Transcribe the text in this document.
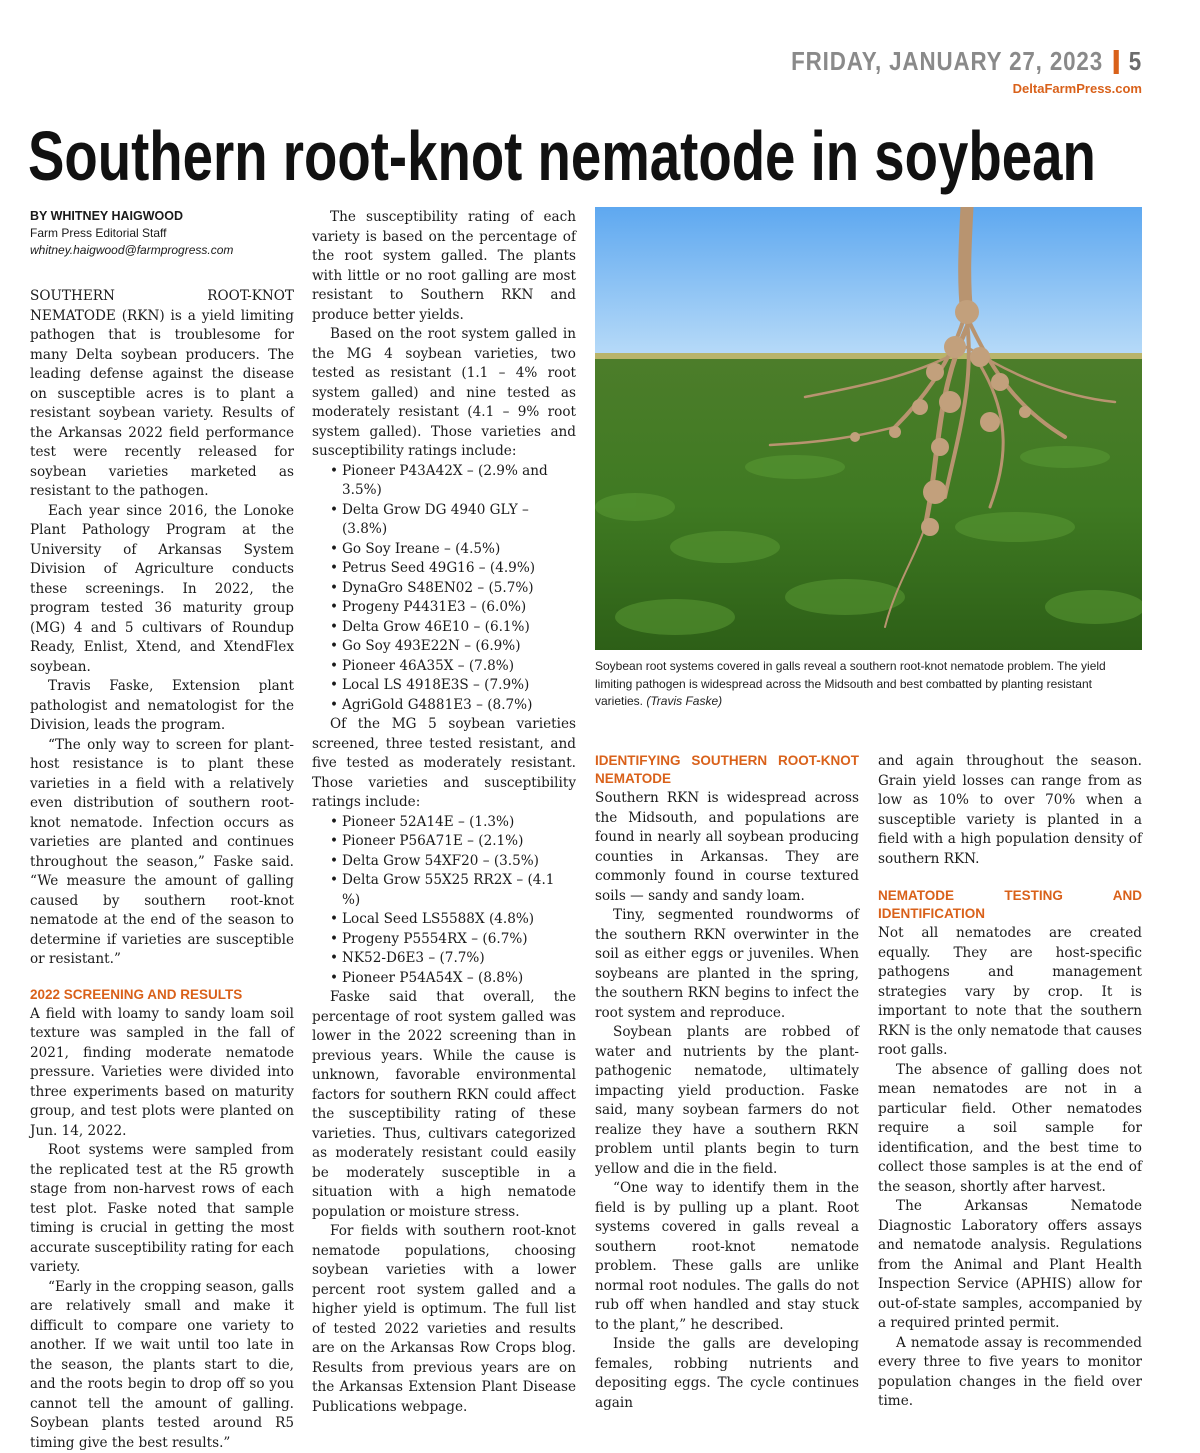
FRIDAY, JANUARY 27, 2023 5
DeltaFarmPress.com
Southern root-knot nematode in soybean
BY WHITNEY HAIGWOOD
Farm Press Editorial Staff
whitney.haigwood@farmprogress.com

SOUTHERN ROOT-KNOT NEMATODE (RKN) is a yield limiting pathogen that is troublesome for many Delta soybean producers. The leading defense against the disease on susceptible acres is to plant a resistant soybean variety. Results of the Arkansas 2022 field performance test were recently released for soybean varieties marketed as resistant to the pathogen.

Each year since 2016, the Lonoke Plant Pathology Program at the University of Arkansas System Division of Agriculture conducts these screenings. In 2022, the program tested 36 maturity group (MG) 4 and 5 cultivars of Roundup Ready, Enlist, Xtend, and XtendFlex soybean.

Travis Faske, Extension plant pathologist and nematologist for the Division, leads the program.

“The only way to screen for plant-host resistance is to plant these varieties in a field with a relatively even distribution of southern root-knot nematode. Infection occurs as varieties are planted and continues throughout the season,” Faske said. “We measure the amount of galling caused by southern root-knot nematode at the end of the season to determine if varieties are susceptible or resistant.”

2022 SCREENING AND RESULTS

A field with loamy to sandy loam soil texture was sampled in the fall of 2021, finding moderate nematode pressure. Varieties were divided into three experiments based on maturity group, and test plots were planted on Jun. 14, 2022.

Root systems were sampled from the replicated test at the R5 growth stage from non-harvest rows of each test plot. Faske noted that sample timing is crucial in getting the most accurate susceptibility rating for each variety.

“Early in the cropping season, galls are relatively small and make it difficult to compare one variety to another. If we wait until too late in the season, the plants start to die, and the roots begin to drop off so you cannot tell the amount of galling. Soybean plants tested around R5 timing give the best results.”

The susceptibility rating of each variety is based on the percentage of the root system galled. The plants with little or no root galling are most resistant to Southern RKN and produce better yields.

Based on the root system galled in the MG 4 soybean varieties, two tested as resistant (1.1 – 4% root system galled) and nine tested as moderately resistant (4.1 – 9% root system galled). Those varieties and susceptibility ratings include:

• Pioneer P43A42X – (2.9% and 3.5%)
• Delta Grow DG 4940 GLY – (3.8%)
• Go Soy Ireane – (4.5%)
• Petrus Seed 49G16 – (4.9%)
• DynaGro S48EN02 – (5.7%)
• Progeny P4431E3 – (6.0%)
• Delta Grow 46E10 – (6.1%)
• Go Soy 493E22N – (6.9%)
• Pioneer 46A35X – (7.8%)
• Local LS 4918E3S – (7.9%)
• AgriGold G4881E3 – (8.7%)

Of the MG 5 soybean varieties screened, three tested resistant, and five tested as moderately resistant. Those varieties and susceptibility ratings include:

• Pioneer 52A14E – (1.3%)
• Pioneer P56A71E – (2.1%)
• Delta Grow 54XF20 – (3.5%)
• Delta Grow 55X25 RR2X – (4.1 %)
• Local Seed LS5588X (4.8%)
• Progeny P5554RX – (6.7%)
• NK52-D6E3 – (7.7%)
• Pioneer P54A54X – (8.8%)

Faske said that overall, the percentage of root system galled was lower in the 2022 screening than in previous years. While the cause is unknown, favorable environmental factors for southern RKN could affect the susceptibility rating of these varieties. Thus, cultivars categorized as moderately resistant could easily be moderately susceptible in a situation with a high nematode population or moisture stress.

For fields with southern root-knot nematode populations, choosing soybean varieties with a lower percent root system galled and a higher yield is optimum. The full list of tested 2022 varieties and results are on the Arkansas Row Crops blog. Results from previous years are on the Arkansas Extension Plant Disease Publications webpage.

Soybean root systems covered in galls reveal a southern root-knot nematode problem. The yield limiting pathogen is widespread across the Midsouth and best combatted by planting resistant varieties. (Travis Faske)
IDENTIFYING SOUTHERN ROOT-KNOT NEMATODE

Southern RKN is widespread across the Midsouth, and populations are found in nearly all soybean producing counties in Arkansas. They are commonly found in course textured soils — sandy and sandy loam.

Tiny, segmented roundworms of the southern RKN overwinter in the soil as either eggs or juveniles. When soybeans are planted in the spring, the southern RKN begins to infect the root system and reproduce.

Soybean plants are robbed of water and nutrients by the plant-pathogenic nematode, ultimately impacting yield production. Faske said, many soybean farmers do not realize they have a southern RKN problem until plants begin to turn yellow and die in the field.

“One way to identify them in the field is by pulling up a plant. Root systems covered in galls reveal a southern root-knot nematode problem. These galls are unlike normal root nodules. The galls do not rub off when handled and stay stuck to the plant,” he described.

Inside the galls are developing females, robbing nutrients and depositing eggs. The cycle continues again

and again throughout the season. Grain yield losses can range from as low as 10% to over 70% when a susceptible variety is planted in a field with a high population density of southern RKN.

NEMATODE TESTING AND IDENTIFICATION

Not all nematodes are created equally. They are host-specific pathogens and management strategies vary by crop. It is important to note that the southern RKN is the only nematode that causes root galls.

The absence of galling does not mean nematodes are not in a particular field. Other nematodes require a soil sample for identification, and the best time to collect those samples is at the end of the season, shortly after harvest.

The Arkansas Nematode Diagnostic Laboratory offers assays and nematode analysis. Regulations from the Animal and Plant Health Inspection Service (APHIS) allow for out-of-state samples, accompanied by a required printed permit.

A nematode assay is recommended every three to five years to monitor population changes in the field over time.
